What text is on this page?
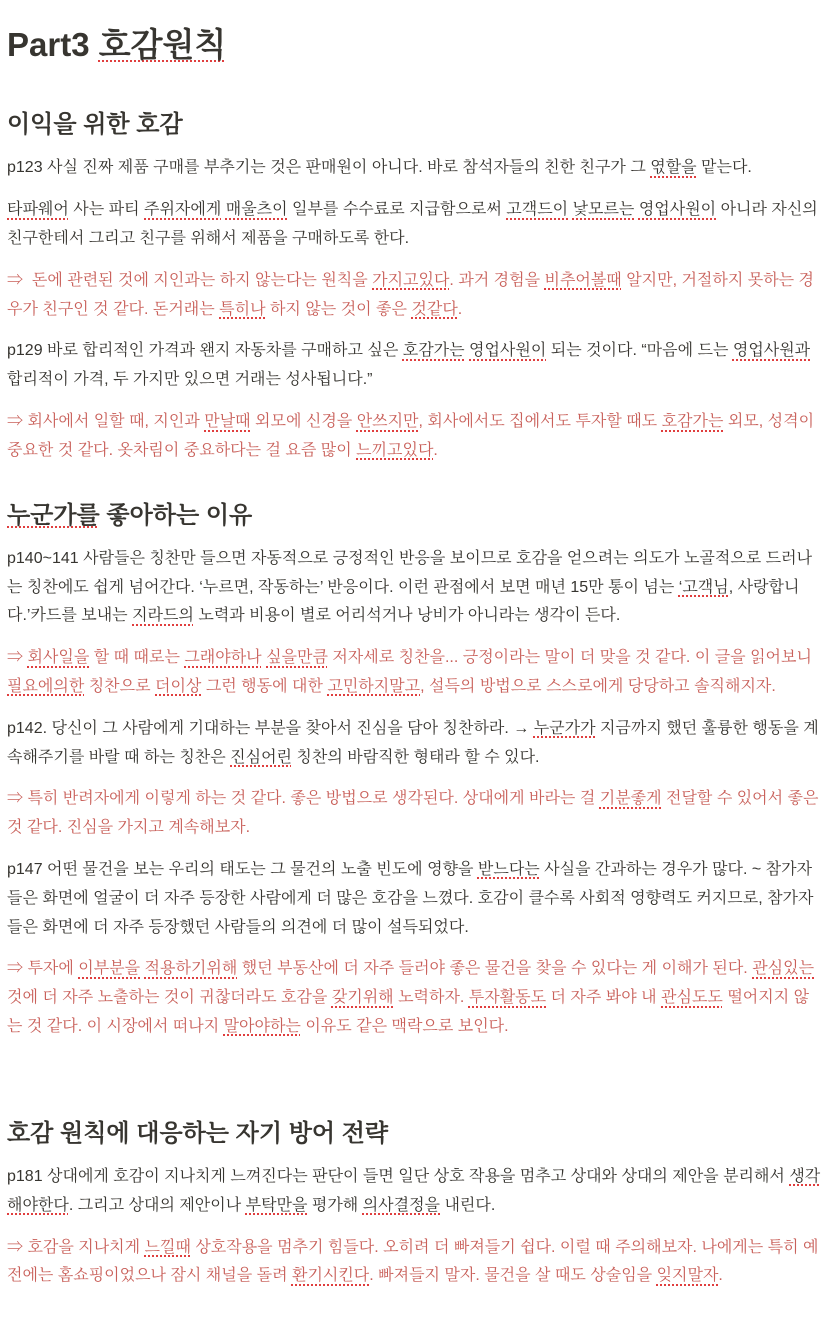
Part3 호감원칙
이익을 위한 호감

p123 사실 진짜 제품 구매를 부추기는 것은 판매원이 아니다. 바로 참석자들의 친한 친구가 그 엯할을 맡는다.

타파웨어 사는 파티 주위자에게 매울츠이 일부를 수수료로 지급함으로써 고객드이 낯모르는 영업사원이 아니라 자신의 친구한테서 그리고 친구를 위해서 제품을 구매하도록 한다.

⇒  돈에 관련된 것에 지인과는 하지 않는다는 원칙을 가지고있다. 과거 경험을 비추어볼때 알지만, 거절하지 못하는 경우가 친구인 것 같다. 돈거래는 특히나 하지 않는 것이 좋은 것같다.

p129 바로 합리적인 가격과 왠지 자동차를 구매하고 싶은 호감가는 영업사원이 되는 것이다. “마음에 드는 영업사원과 합리적이 가격, 두 가지만 있으면 거래는 성사됩니다.”

⇒ 회사에서 일할 때, 지인과 만날때 외모에 신경을 안쓰지만, 회사에서도 집에서도 투자할 때도 호감가는 외모, 성격이 중요한 것 같다. 옷차림이 중요하다는 걸 요즘 많이 느끼고있다.

누군가를 좋아하는 이유

p140~141 사람들은 칭찬만 들으면 자동적으로 긍정적인 반응을 보이므로 호감을 얻으려는 의도가 노골적으로 드러나는 칭찬에도 쉽게 넘어간다. ‘누르면, 작동하는’ 반응이다. 이런 관점에서 보면 매년 15만 통이 넘는 ‘고객님, 사랑합니다.’카드를 보내는 지라드의 노력과 비용이 별로 어리석거나 낭비가 아니라는 생각이 든다.

⇒ 회사일을 할 때 때로는 그래야하나 싶을만큼 저자세로 칭찬을... 긍정이라는 말이 더 맞을 것 같다. 이 글을 읽어보니 필요에의한 칭찬으로 더이상 그런 행동에 대한 고민하지말고, 설득의 방법으로 스스로에게 당당하고 솔직해지자.

p142. 당신이 그 사람에게 기대하는 부분을 찾아서 진심을 담아 칭찬하라. → 누군가가 지금까지 했던 훌륭한 행동을 계속해주기를 바랄 때 하는 칭찬은 진심어린 칭찬의 바람직한 형태라 할 수 있다.

⇒ 특히 반려자에게 이렇게 하는 것 같다. 좋은 방법으로 생각된다. 상대에게 바라는 걸 기분좋게 전달할 수 있어서 좋은 것 같다. 진심을 가지고 계속해보자.

p147 어떤 물건을 보는 우리의 태도는 그 물건의 노출 빈도에 영향을 받느다는 사실을 간과하는 경우가 많다. ~ 참가자들은 화면에 얼굴이 더 자주 등장한 사람에게 더 많은 호감을 느꼈다. 호감이 클수록 사회적 영향력도 커지므로, 참가자들은 화면에 더 자주 등장했던 사람들의 의견에 더 많이 설득되었다.

⇒ 투자에 이부분을 적용하기위해 했던 부동산에 더 자주 들러야 좋은 물건을 찾을 수 있다는 게 이해가 된다. 관심있는 것에 더 자주 노출하는 것이 귀찮더라도 호감을 갖기위해 노력하자. 투자활동도 더 자주 봐야 내 관심도도 떨어지지 않는 것 같다. 이 시장에서 떠나지 말아야하는 이유도 같은 맥락으로 보인다.

호감 원칙에 대응하는 자기 방어 전략

p181 상대에게 호감이 지나치게 느껴진다는 판단이 들면 일단 상호 작용을 멈추고 상대와 상대의 제안을 분리해서 생각해야한다. 그리고 상대의 제안이나 부탁만을 평가해 의사결정을 내린다.

⇒ 호감을 지나치게 느낄때 상호작용을 멈추기 힘들다. 오히려 더 빠져들기 쉽다. 이럴 때 주의해보자. 나에게는 특히 예전에는 홈쇼핑이었으나 잠시 채널을 돌려 환기시킨다. 빠져들지 말자. 물건을 살 때도 상술임을 잊지말자.
